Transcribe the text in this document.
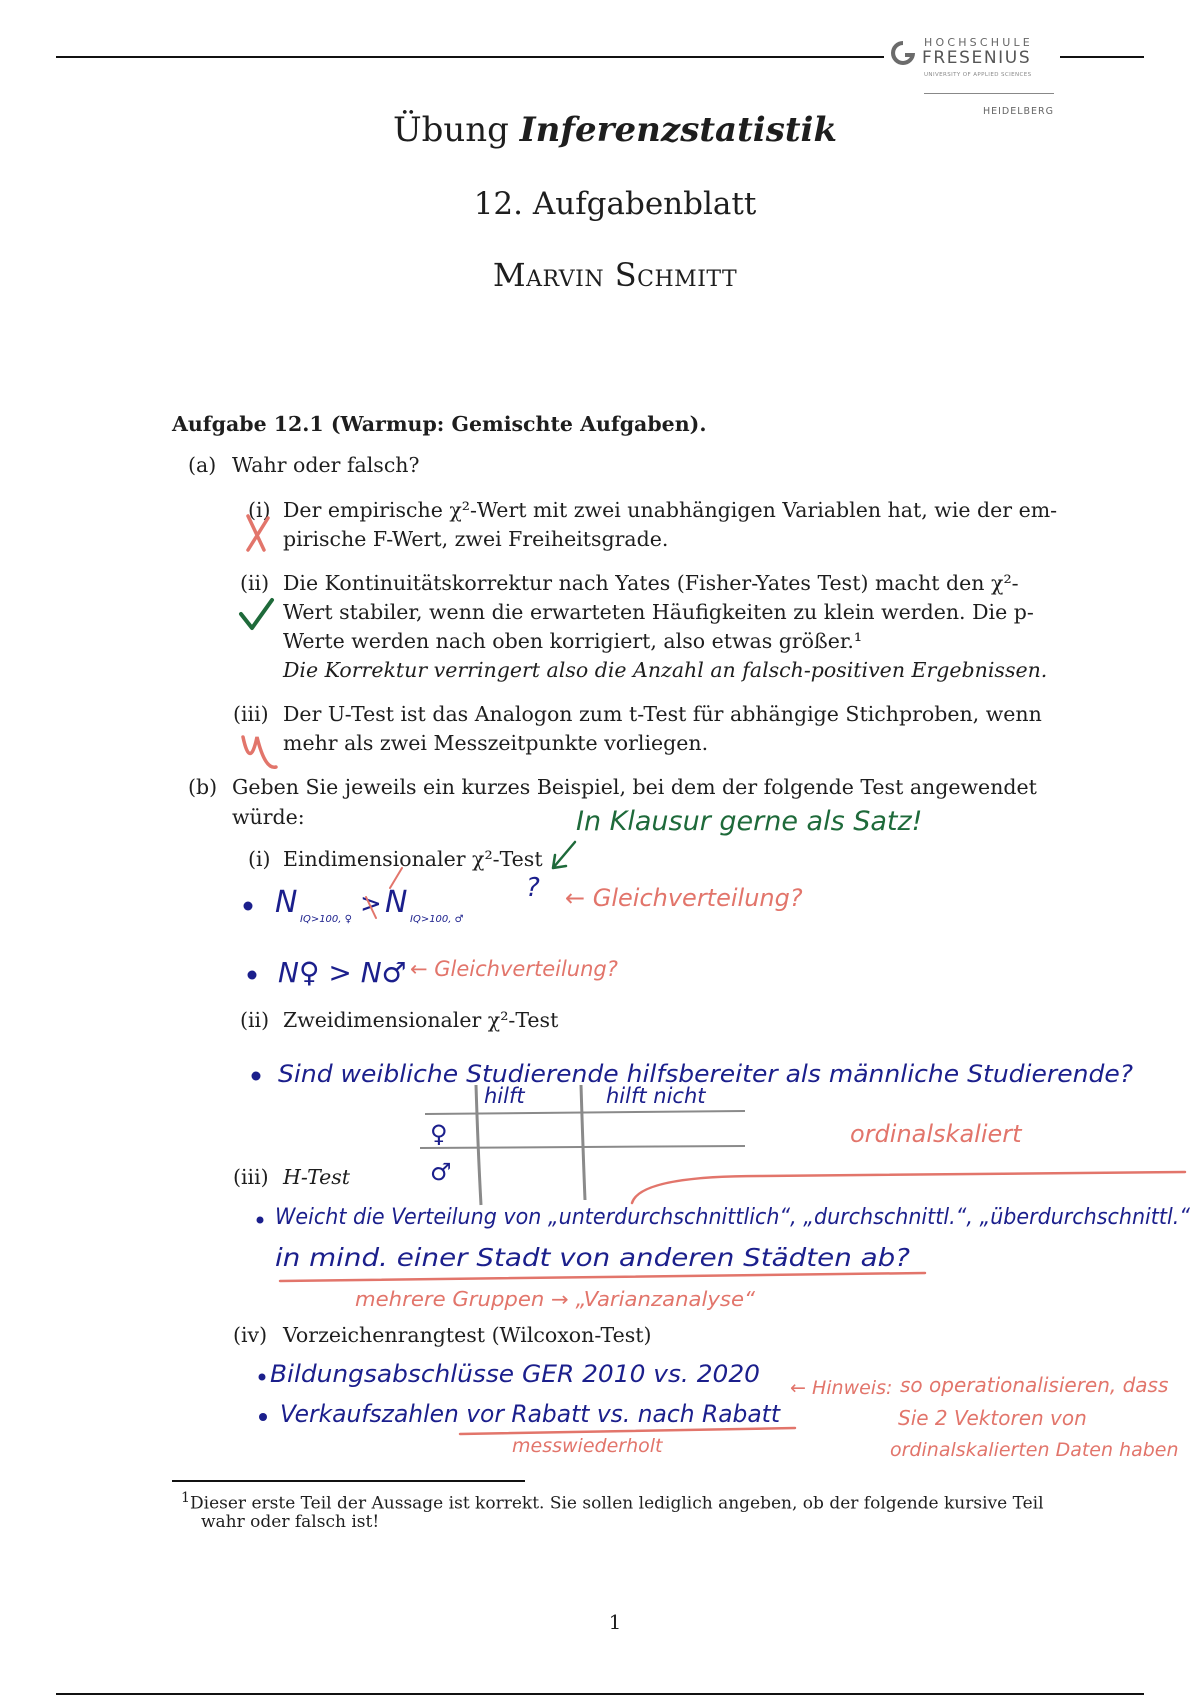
HOCHSCHULE
FRESENIUS
UNIVERSITY OF APPLIED SCIENCES
HEIDELBERG
Übung Inferenzstatistik
12. Aufgabenblatt
Marvin Schmitt
Aufgabe 12.1 (Warmup: Gemischte Aufgaben).
(a) Wahr oder falsch?
(i) Der empirische χ²-Wert mit zwei unabhängigen Variablen hat, wie der em-
pirische F-Wert, zwei Freiheitsgrade.
(ii) Die Kontinuitätskorrektur nach Yates (Fisher-Yates Test) macht den χ²-
Wert stabiler, wenn die erwarteten Häufigkeiten zu klein werden. Die p-
Werte werden nach oben korrigiert, also etwas größer.¹
Die Korrektur verringert also die Anzahl an falsch-positiven Ergebnissen.
(iii) Der U-Test ist das Analogon zum t-Test für abhängige Stichproben, wenn
mehr als zwei Messzeitpunkte vorliegen.
(b) Geben Sie jeweils ein kurzes Beispiel, bei dem der folgende Test angewendet
würde:
(i) Eindimensionaler χ²-Test
(ii) Zweidimensionaler χ²-Test
(iii) H-Test
(iv) Vorzeichenrangtest (Wilcoxon-Test)
In Klausur gerne als Satz!
N IQ>100, ♀
> N IQ>100, ♂
? ← Gleichverteilung?
N♀ > N♂ ← Gleichverteilung?
Sind weibliche Studierende hilfsbereiter als männliche Studierende?
hilft	hilft nicht
♀
♂
ordinalskaliert
Weicht die Verteilung von „unterdurchschnittlich“, „durchschnittl.“, „überdurchschnittl.“
in mind. einer Stadt von anderen Städten ab?
mehrere Gruppen → „Varianzanalyse“
Bildungsabschlüsse GER 2010 vs. 2020
Verkaufszahlen vor Rabatt vs. nach Rabatt
messwiederholt
← Hinweis: so operationalisieren, dass
Sie 2 Vektoren von
ordinalskalierten Daten haben
$^1$Dieser erste Teil der Aussage ist korrekt. Sie sollen lediglich angeben, ob der folgende kursive Teil
wahr oder falsch ist!
1
